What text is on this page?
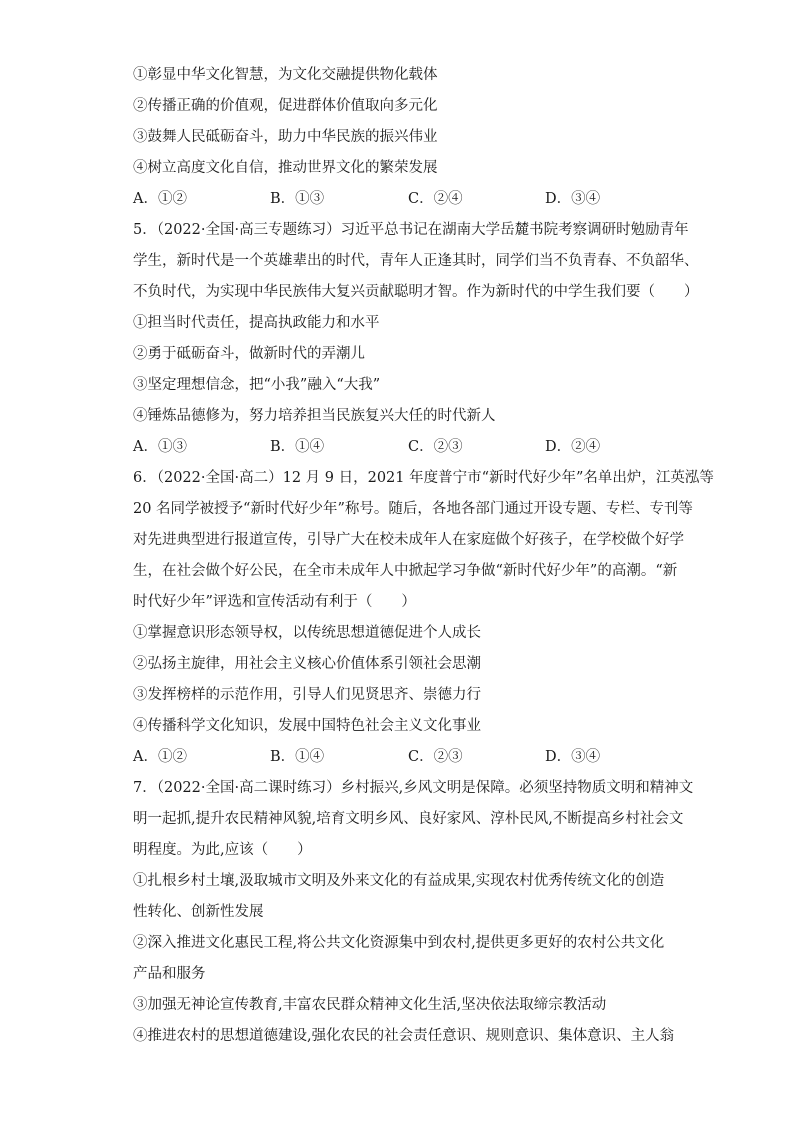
①彰显中华文化智慧，为文化交融提供物化载体
②传播正确的价值观，促进群体价值取向多元化
③鼓舞人民砥砺奋斗，助力中华民族的振兴伟业
④树立高度文化自信，推动世界文化的繁荣发展
A．①②	B．①③	C．②④	D．③④
5．（2022·全国·高三专题练习）习近平总书记在湖南大学岳麓书院考察调研时勉励青年
学生，新时代是一个英雄辈出的时代，青年人正逢其时，同学们当不负青春、不负韶华、
不负时代，为实现中华民族伟大复兴贡献聪明才智。作为新时代的中学生我们要（　　）
①担当时代责任，提高执政能力和水平
②勇于砥砺奋斗，做新时代的弄潮儿
③坚定理想信念，把“小我”融入“大我”
④锤炼品德修为，努力培养担当民族复兴大任的时代新人
A．①③	B．①④	C．②③	D．②④
6．（2022·全国·高二）12 月 9 日，2021 年度普宁市“新时代好少年”名单出炉，江英泓等
20 名同学被授予“新时代好少年”称号。随后，各地各部门通过开设专题、专栏、专刊等
对先进典型进行报道宣传，引导广大在校未成年人在家庭做个好孩子，在学校做个好学
生，在社会做个好公民，在全市未成年人中掀起学习争做“新时代好少年”的高潮。“新
时代好少年”评选和宣传活动有利于（　　）
①掌握意识形态领导权，以传统思想道德促进个人成长
②弘扬主旋律，用社会主义核心价值体系引领社会思潮
③发挥榜样的示范作用，引导人们见贤思齐、崇德力行
④传播科学文化知识，发展中国特色社会主义文化事业
A．①②	B．①④	C．②③	D．③④
7．（2022·全国·高二课时练习）乡村振兴,乡风文明是保障。必须坚持物质文明和精神文
明一起抓,提升农民精神风貌,培育文明乡风、良好家风、淳朴民风,不断提高乡村社会文
明程度。为此,应该（　　）
①扎根乡村土壤,汲取城市文明及外来文化的有益成果,实现农村优秀传统文化的创造
性转化、创新性发展
②深入推进文化惠民工程,将公共文化资源集中到农村,提供更多更好的农村公共文化
产品和服务
③加强无神论宣传教育,丰富农民群众精神文化生活,坚决依法取缔宗教活动
④推进农村的思想道德建设,强化农民的社会责任意识、规则意识、集体意识、主人翁
